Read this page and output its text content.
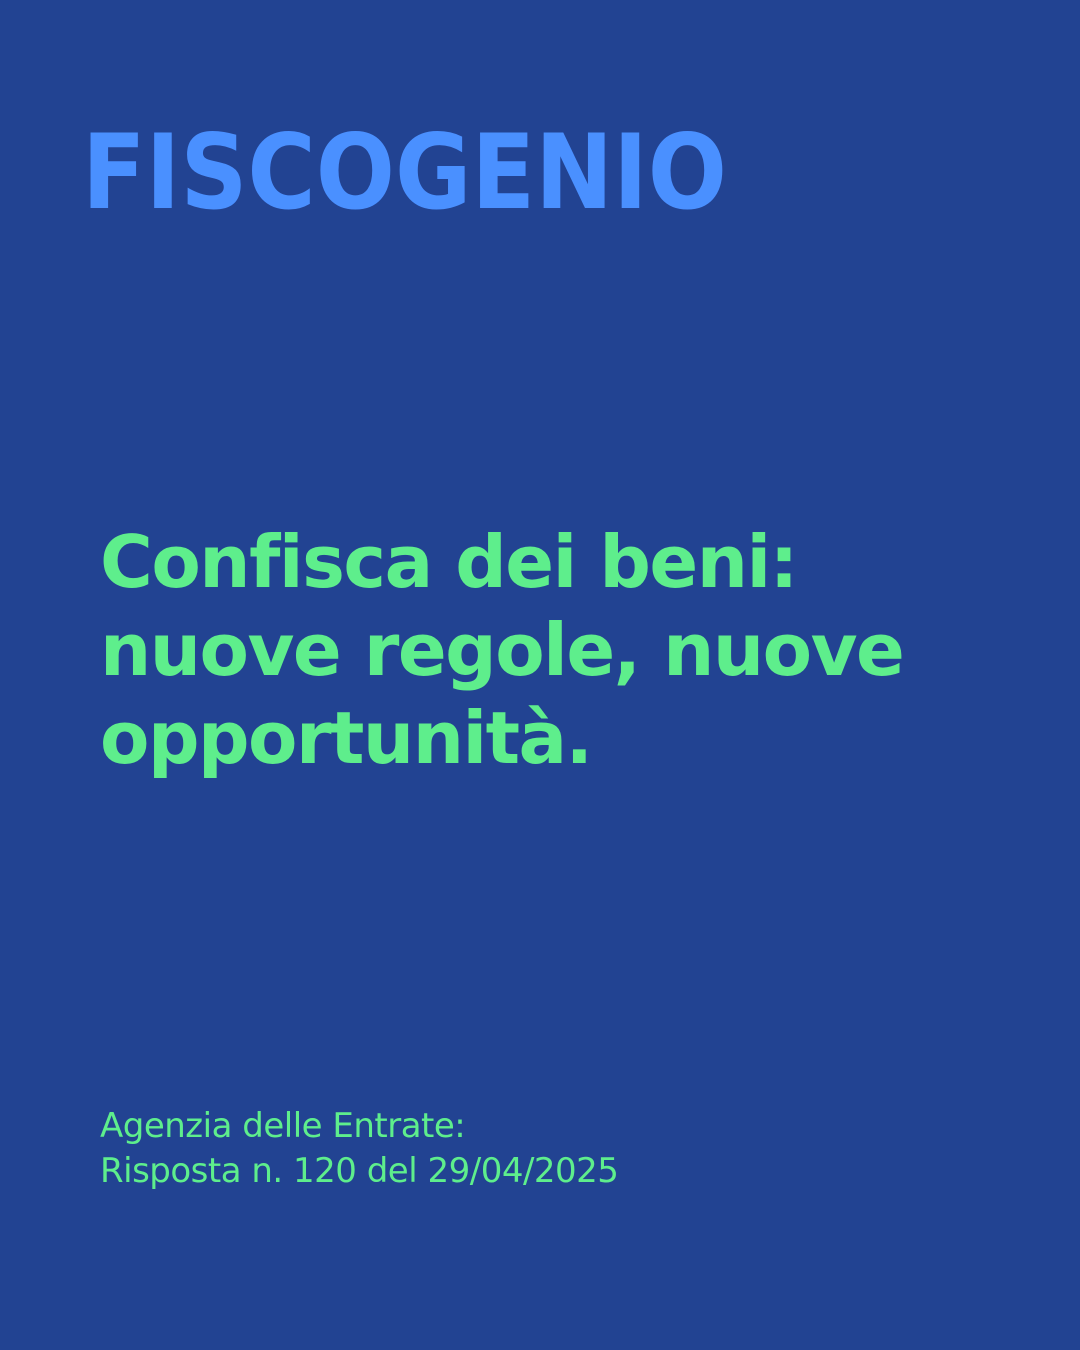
FISCOGENIO
Confisca dei beni:
nuove regole, nuove
opportunità.
Agenzia delle Entrate:
Risposta n. 120 del 29/04/2025
